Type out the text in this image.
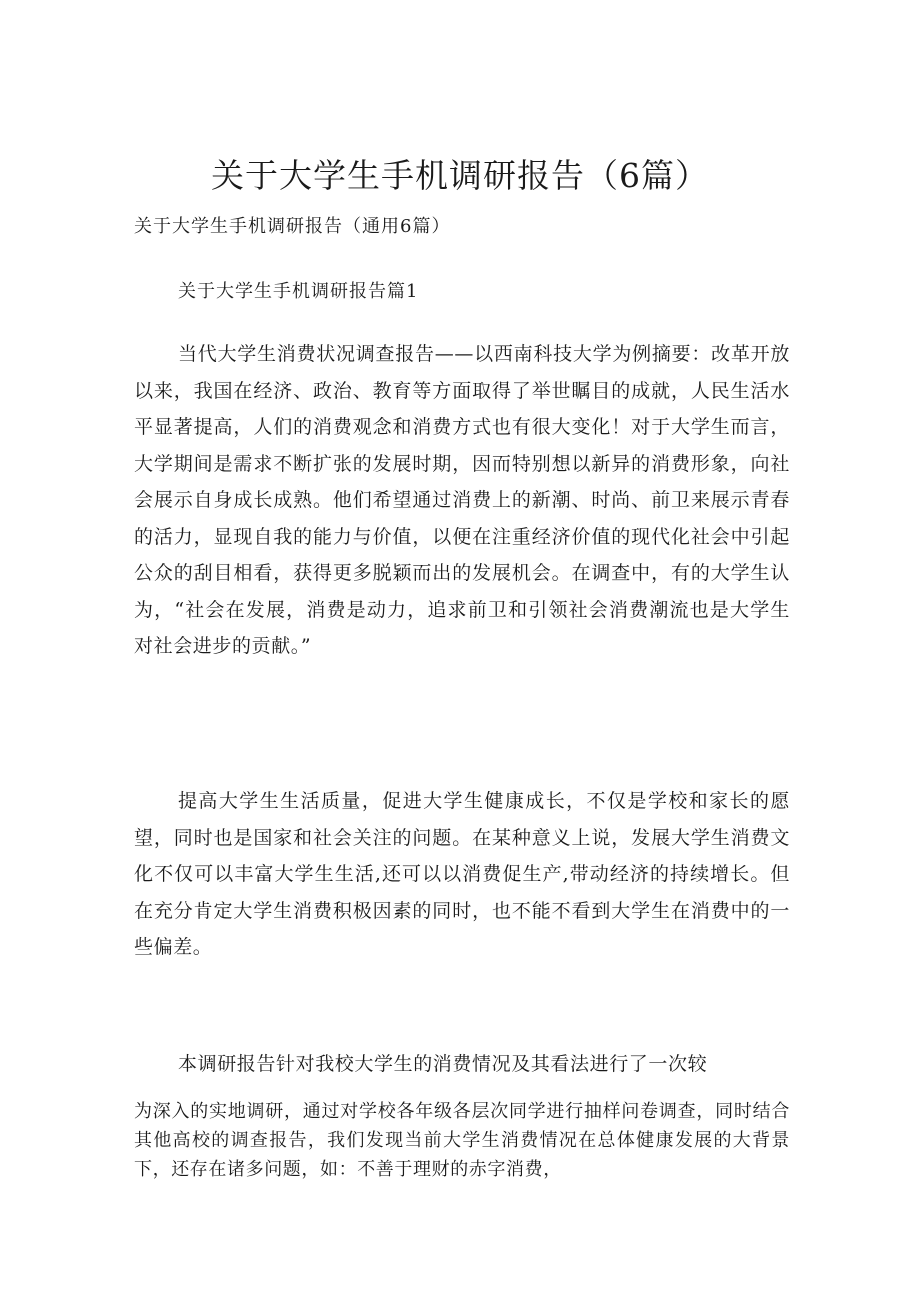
关于大学生手机调研报告（6篇）
关于大学生手机调研报告（通用6篇）
关于大学生手机调研报告篇1
当代大学生消费状况调查报告——以西南科技大学为例摘要：改革开放以来，我国在经济、政治、教育等方面取得了举世瞩目的成就，人民生活水平显著提高，人们的消费观念和消费方式也有很大变化！对于大学生而言，大学期间是需求不断扩张的发展时期，因而特别想以新异的消费形象，向社会展示自身成长成熟。他们希望通过消费上的新潮、时尚、前卫来展示青春的活力，显现自我的能力与价值，以便在注重经济价值的现代化社会中引起公众的刮目相看，获得更多脱颖而出的发展机会。在调查中，有的大学生认为，“社会在发展，消费是动力，追求前卫和引领社会消费潮流也是大学生对社会进步的贡献。”
提高大学生生活质量，促进大学生健康成长，不仅是学校和家长的愿望，同时也是国家和社会关注的问题。在某种意义上说，发展大学生消费文化不仅可以丰富大学生生活,还可以以消费促生产,带动经济的持续增长。但在充分肯定大学生消费积极因素的同时，也不能不看到大学生在消费中的一些偏差。
本调研报告针对我校大学生的消费情况及其看法进行了一次较
为深入的实地调研，通过对学校各年级各层次同学进行抽样问卷调查，同时结合其他高校的调查报告，我们发现当前大学生消费情况在总体健康发展的大背景下，还存在诸多问题，如：不善于理财的赤字消费，
